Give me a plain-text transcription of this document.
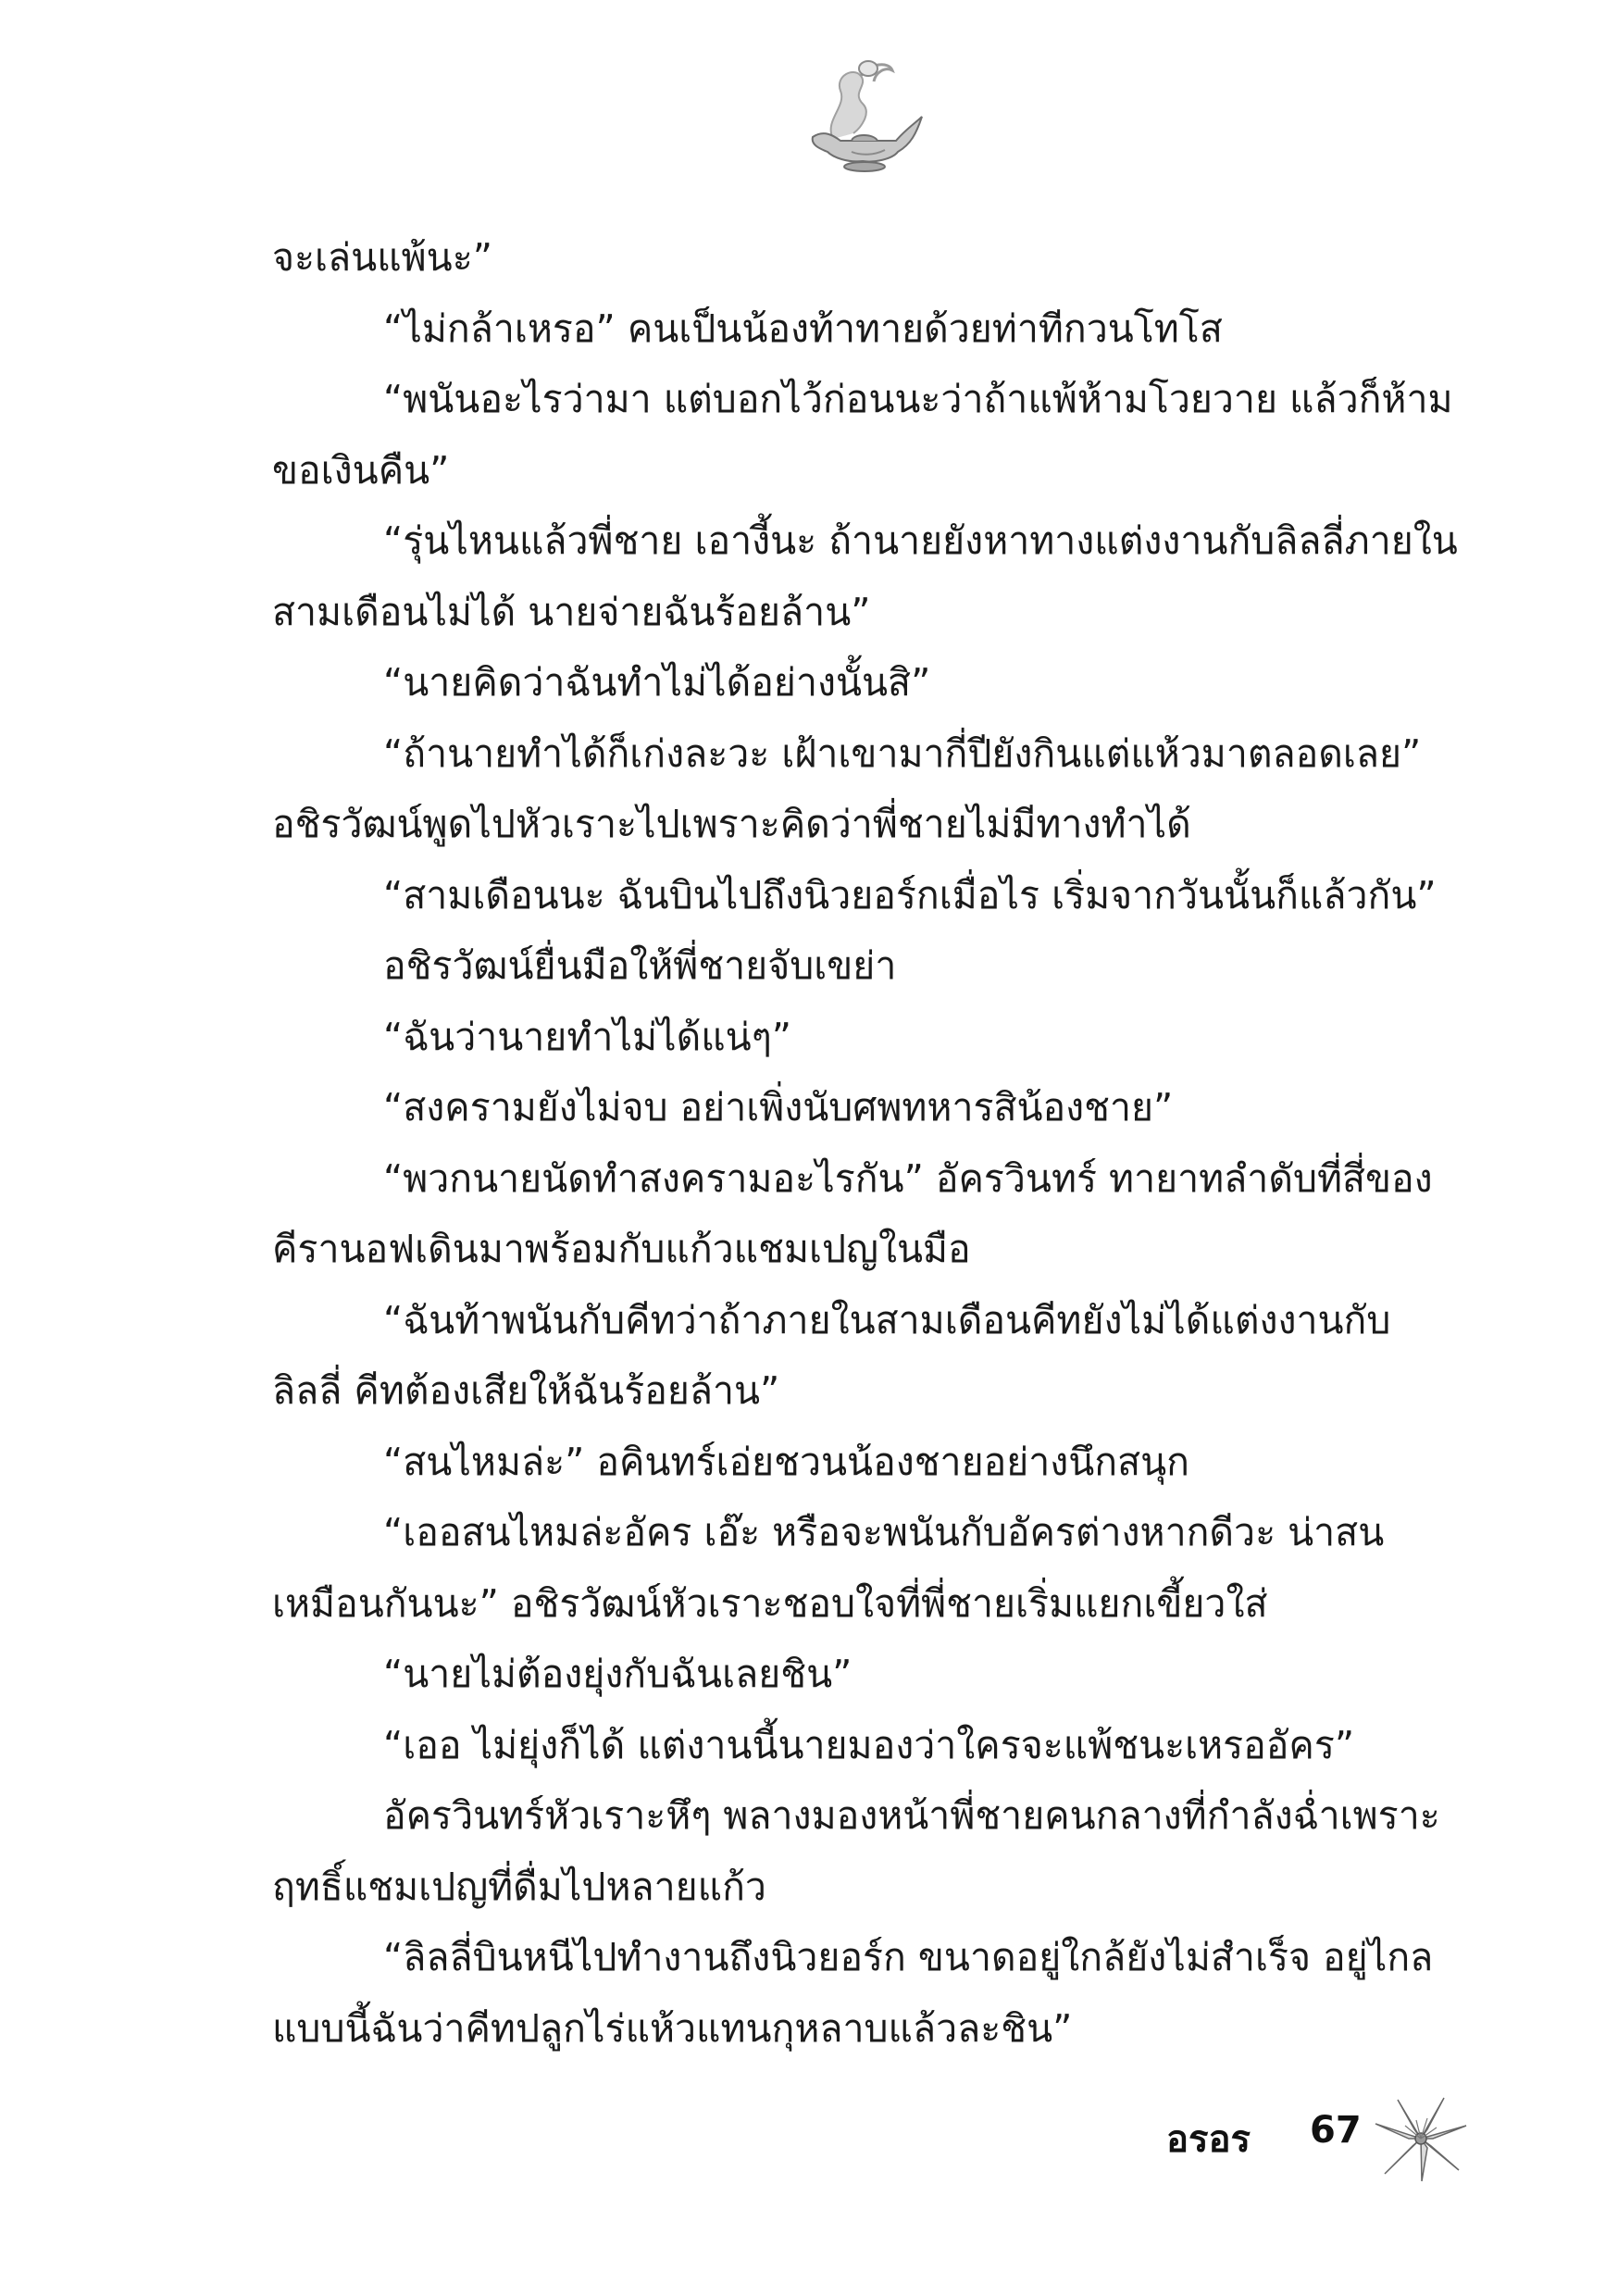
จะเล่นแพ้นะ”

“ไม่กล้าเหรอ” คนเป็นน้องท้าทายด้วยท่าทีกวนโทโส

“พนันอะไรว่ามา แต่บอกไว้ก่อนนะว่าถ้าแพ้ห้ามโวยวาย แล้วก็ห้าม

ขอเงินคืน”

“รุ่นไหนแล้วพี่ชาย เอางี้นะ ถ้านายยังหาทางแต่งงานกับลิลลี่ภายใน

สามเดือนไม่ได้ นายจ่ายฉันร้อยล้าน”

“นายคิดว่าฉันทำไม่ได้อย่างนั้นสิ”

“ถ้านายทำได้ก็เก่งละวะ เฝ้าเขามากี่ปียังกินแต่แห้วมาตลอดเลย”

อชิรวัฒน์พูดไปหัวเราะไปเพราะคิดว่าพี่ชายไม่มีทางทำได้

“สามเดือนนะ ฉันบินไปถึงนิวยอร์กเมื่อไร เริ่มจากวันนั้นก็แล้วกัน”

อชิรวัฒน์ยื่นมือให้พี่ชายจับเขย่า

“ฉันว่านายทำไม่ได้แน่ๆ”

“สงครามยังไม่จบ อย่าเพิ่งนับศพทหารสิน้องชาย”

“พวกนายนัดทำสงครามอะไรกัน” อัครวินทร์ ทายาทลำดับที่สี่ของ

คีรานอฟเดินมาพร้อมกับแก้วแชมเปญในมือ

“ฉันท้าพนันกับคีทว่าถ้าภายในสามเดือนคีทยังไม่ได้แต่งงานกับ

ลิลลี่ คีทต้องเสียให้ฉันร้อยล้าน”

“สนไหมล่ะ” อคินทร์เอ่ยชวนน้องชายอย่างนึกสนุก

“เออสนไหมล่ะอัคร เอ๊ะ หรือจะพนันกับอัครต่างหากดีวะ น่าสน

เหมือนกันนะ” อชิรวัฒน์หัวเราะชอบใจที่พี่ชายเริ่มแยกเขี้ยวใส่

“นายไม่ต้องยุ่งกับฉันเลยชิน”

“เออ ไม่ยุ่งก็ได้ แต่งานนี้นายมองว่าใครจะแพ้ชนะเหรออัคร”

อัครวินทร์หัวเราะหึๆ พลางมองหน้าพี่ชายคนกลางที่กำลังฉ่ำเพราะ

ฤทธิ์แชมเปญที่ดื่มไปหลายแก้ว

“ลิลลี่บินหนีไปทำงานถึงนิวยอร์ก ขนาดอยู่ใกล้ยังไม่สำเร็จ อยู่ไกล

แบบนี้ฉันว่าคีทปลูกไร่แห้วแทนกุหลาบแล้วละชิน”

อรอร 67
